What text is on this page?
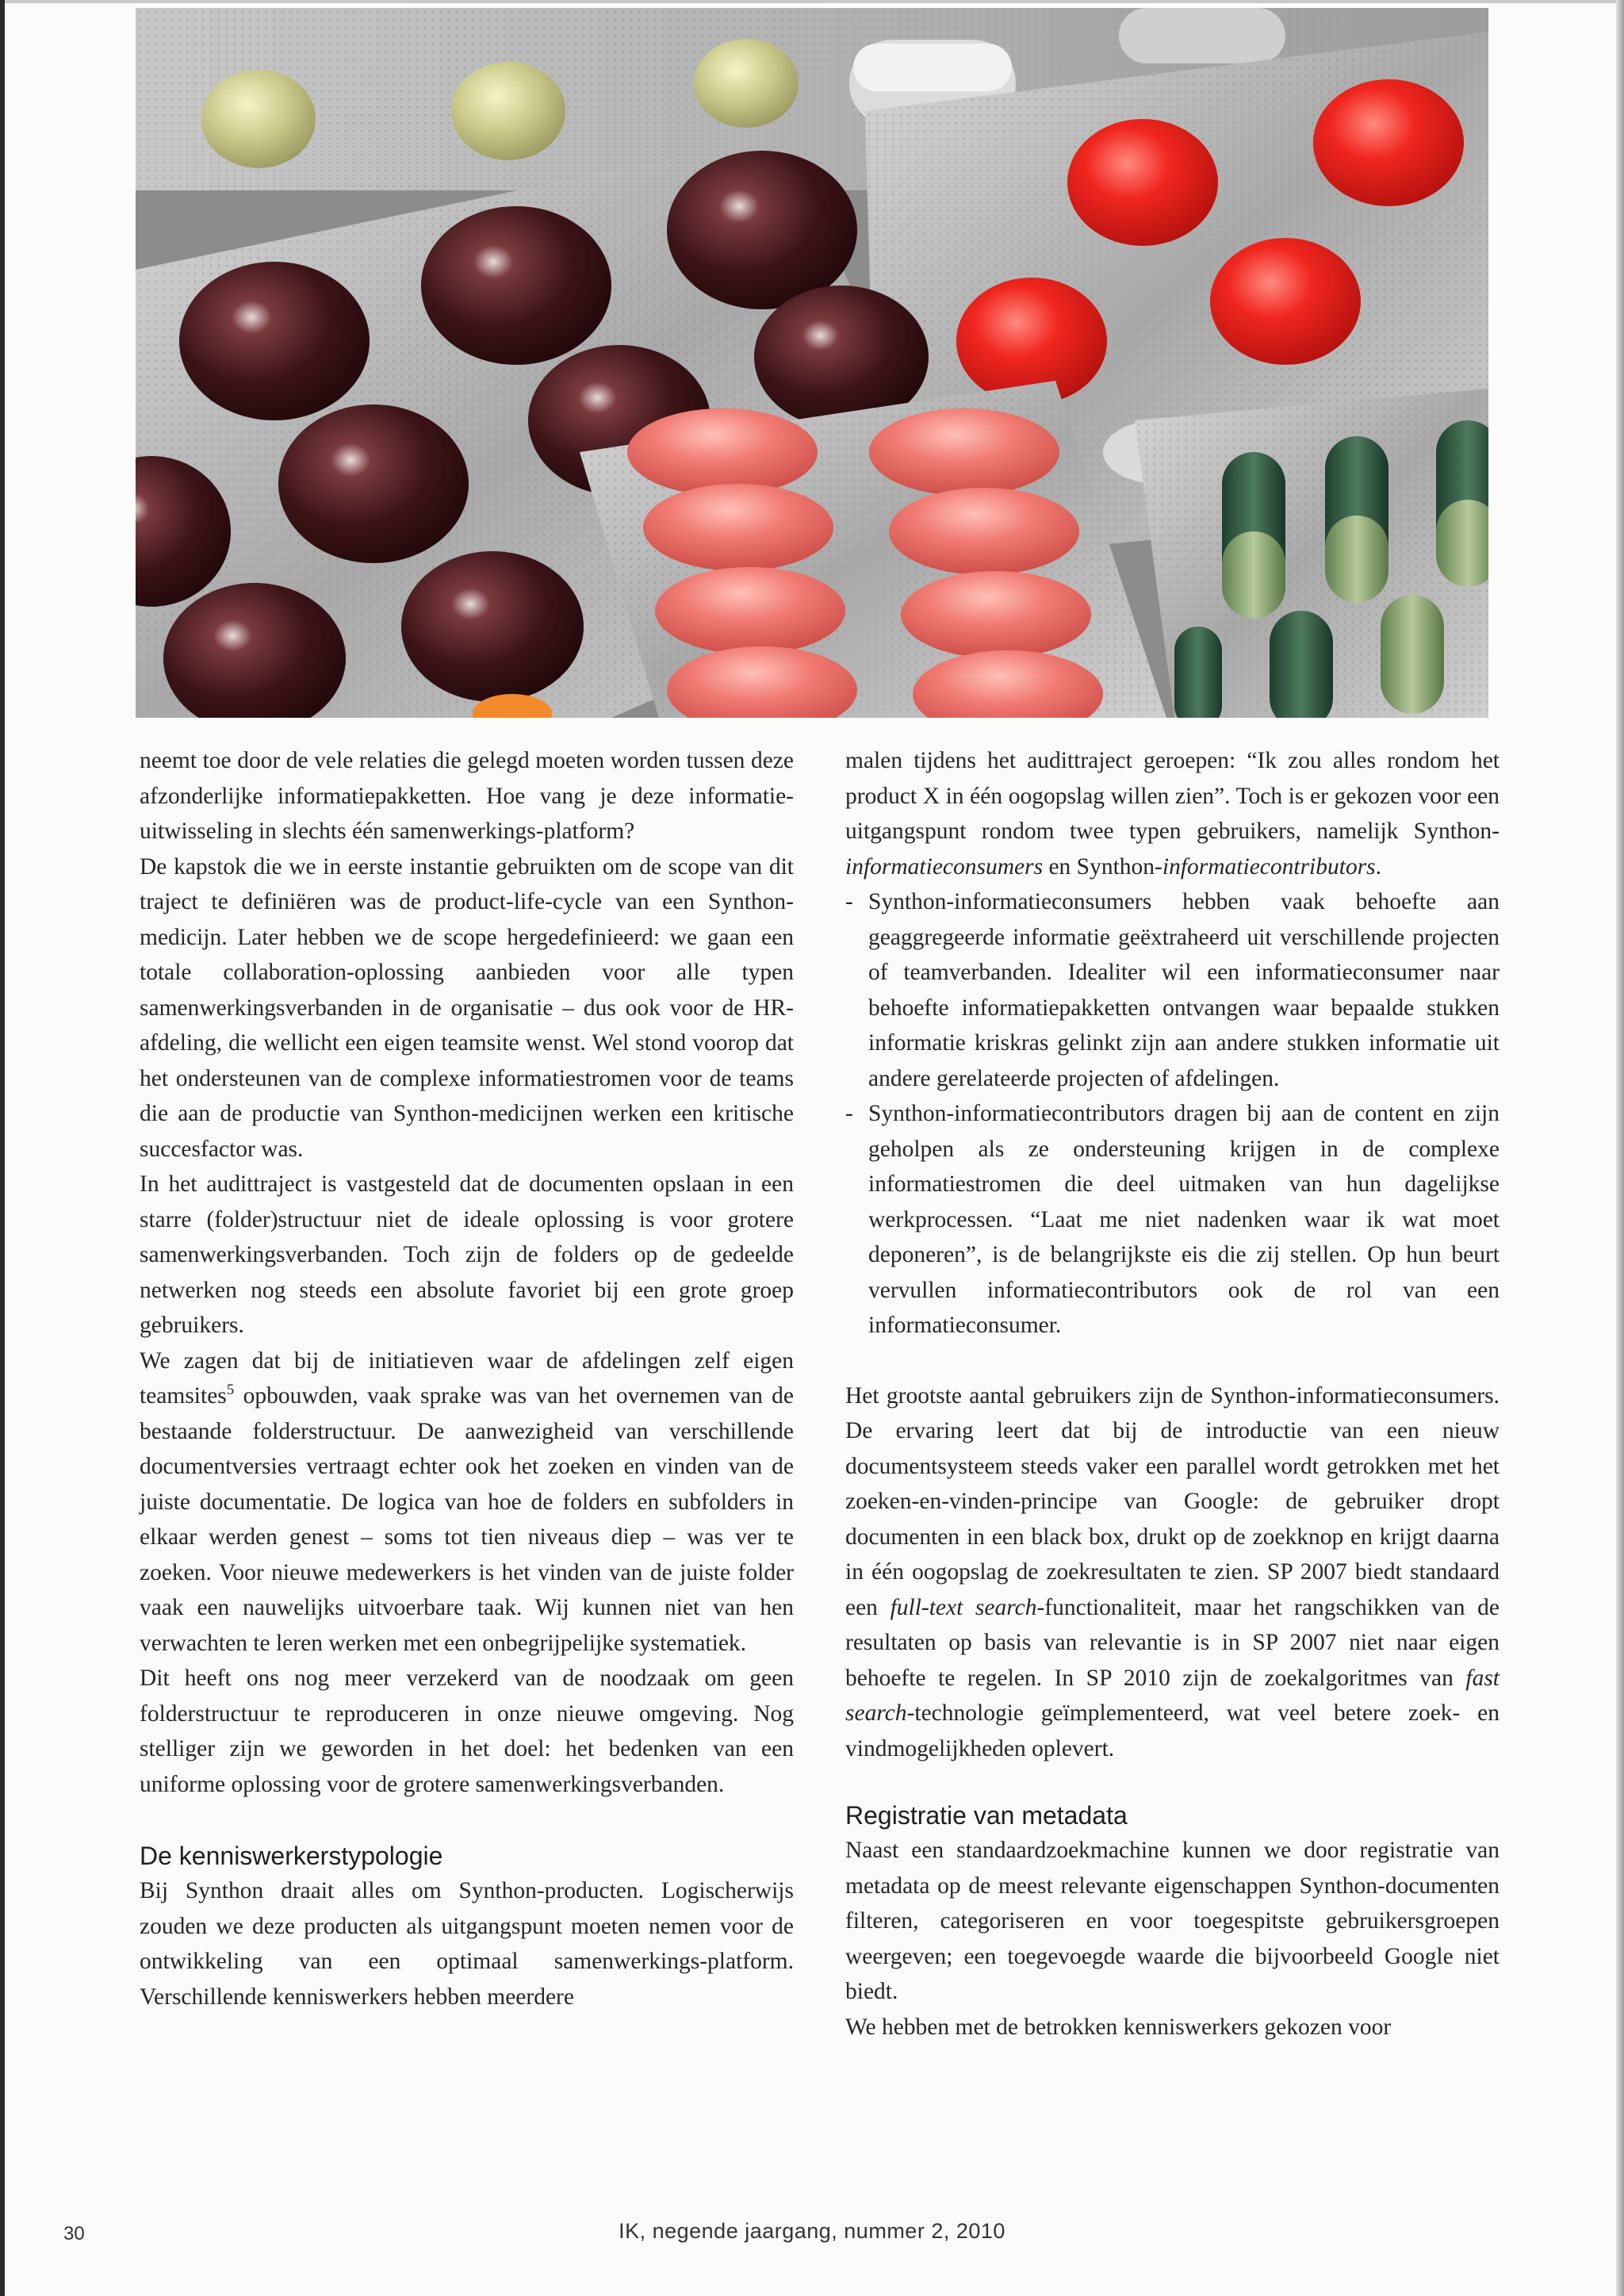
neemt toe door de vele relaties die gelegd moeten worden tussen deze afzonderlijke informatiepakketten. Hoe vang je deze informatie-uitwisseling in slechts één samenwerkings-platform?

De kapstok die we in eerste instantie gebruikten om de scope van dit traject te definiëren was de product-life-cycle van een Synthon-medicijn. Later hebben we de scope hergedefinieerd: we gaan een totale collaboration-oplossing aanbieden voor alle typen samenwerkingsverbanden in de organisatie – dus ook voor de HR-afdeling, die wellicht een eigen teamsite wenst. Wel stond voorop dat het ondersteunen van de complexe informatiestromen voor de teams die aan de productie van Synthon-medicijnen werken een kritische succesfactor was.

In het audittraject is vastgesteld dat de documenten opslaan in een starre (folder)structuur niet de ideale oplossing is voor grotere samenwerkingsverbanden. Toch zijn de folders op de gedeelde netwerken nog steeds een absolute favoriet bij een grote groep gebruikers.

We zagen dat bij de initiatieven waar de afdelingen zelf eigen teamsites$^5$ opbouwden, vaak sprake was van het overnemen van de bestaande folderstructuur. De aanwezigheid van verschillende documentversies vertraagt echter ook het zoeken en vinden van de juiste documentatie. De logica van hoe de folders en subfolders in elkaar werden genest – soms tot tien niveaus diep – was ver te zoeken. Voor nieuwe medewerkers is het vinden van de juiste folder vaak een nauwelijks uitvoerbare taak. Wij kunnen niet van hen verwachten te leren werken met een onbegrijpelijke systematiek.

Dit heeft ons nog meer verzekerd van de noodzaak om geen folderstructuur te reproduceren in onze nieuwe omgeving. Nog stelliger zijn we geworden in het doel: het bedenken van een uniforme oplossing voor de grotere samenwerkingsverbanden.

De kenniswerkerstypologie

Bij Synthon draait alles om Synthon-producten. Logischerwijs zouden we deze producten als uitgangspunt moeten nemen voor de ontwikkeling van een optimaal samenwerkings-platform. Verschillende kenniswerkers hebben meerdere

malen tijdens het audittraject geroepen: “Ik zou alles rondom het product X in één oogopslag willen zien”. Toch is er gekozen voor een uitgangspunt rondom twee typen gebruikers, namelijk Synthon-informatieconsumers en Synthon-informatiecontributors.

- Synthon-informatieconsumers hebben vaak behoefte aan geaggregeerde informatie geëxtraheerd uit verschillende projecten of teamverbanden. Idealiter wil een informatieconsumer naar behoefte informatiepakketten ontvangen waar bepaalde stukken informatie kriskras gelinkt zijn aan andere stukken informatie uit andere gerelateerde projecten of afdelingen.
- Synthon-informatiecontributors dragen bij aan de content en zijn geholpen als ze ondersteuning krijgen in de complexe informatiestromen die deel uitmaken van hun dagelijkse werkprocessen. “Laat me niet nadenken waar ik wat moet deponeren”, is de belangrijkste eis die zij stellen. Op hun beurt vervullen informatiecontributors ook de rol van een informatieconsumer.

Het grootste aantal gebruikers zijn de Synthon-informatieconsumers. De ervaring leert dat bij de introductie van een nieuw documentsysteem steeds vaker een parallel wordt getrokken met het zoeken-en-vinden-principe van Google: de gebruiker dropt documenten in een black box, drukt op de zoekknop en krijgt daarna in één oogopslag de zoekresultaten te zien. SP 2007 biedt standaard een full-text search-functionaliteit, maar het rangschikken van de resultaten op basis van relevantie is in SP 2007 niet naar eigen behoefte te regelen. In SP 2010 zijn de zoekalgoritmes van fast search-technologie geïmplementeerd, wat veel betere zoek- en vindmogelijkheden oplevert.

Registratie van metadata

Naast een standaardzoekmachine kunnen we door registratie van metadata op de meest relevante eigenschappen Synthon-documenten filteren, categoriseren en voor toegespitste gebruikersgroepen weergeven; een toegevoegde waarde die bijvoorbeeld Google niet biedt.

We hebben met de betrokken kenniswerkers gekozen voor

30	IK, negende jaargang, nummer 2, 2010
